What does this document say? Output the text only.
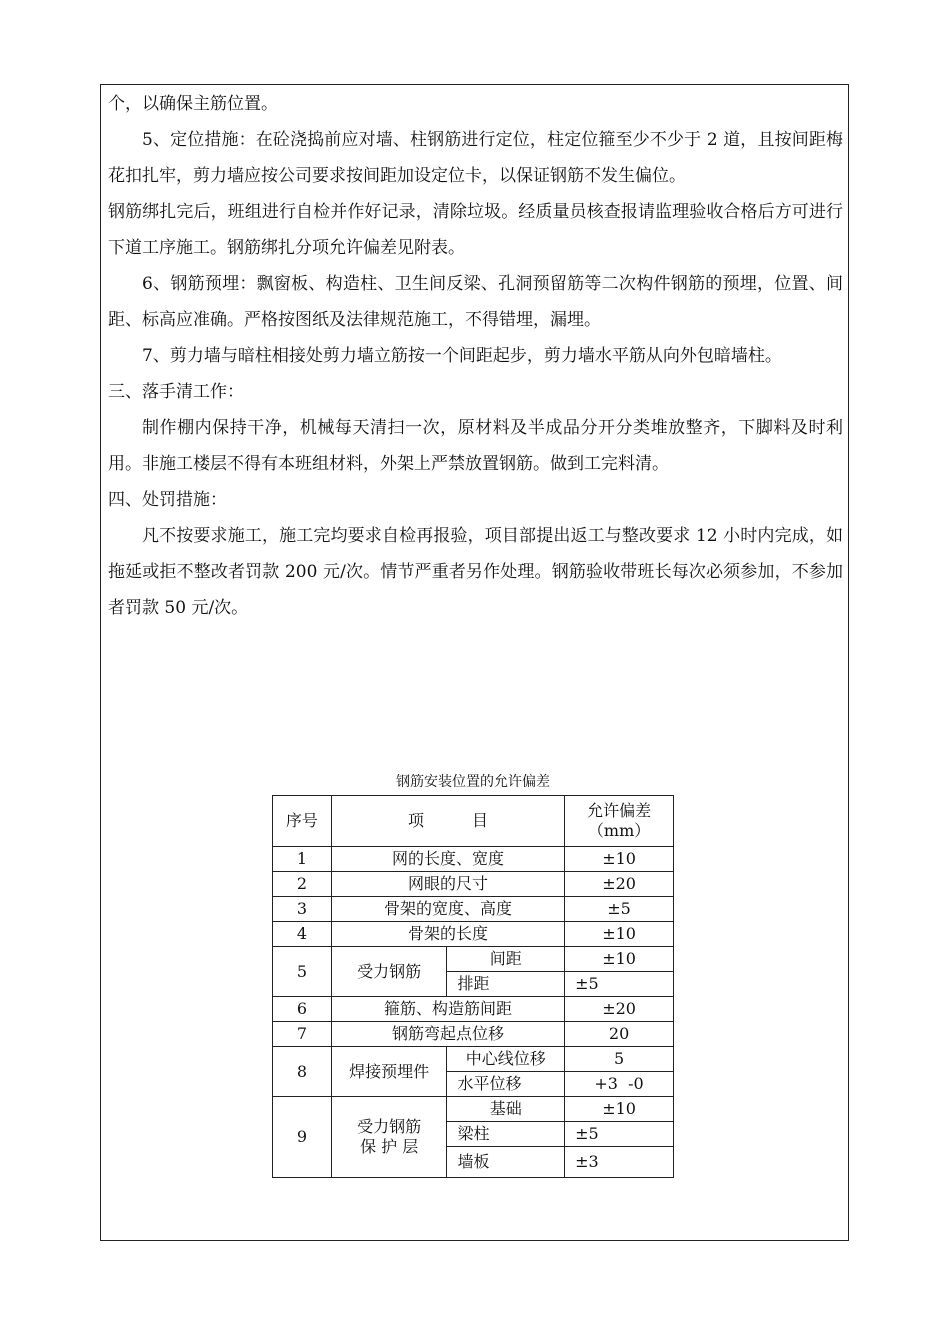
个，以确保主筋位置。

5、定位措施：在砼浇捣前应对墙、柱钢筋进行定位，柱定位箍至少不少于 2 道，且按间距梅花扣扎牢，剪力墙应按公司要求按间距加设定位卡，以保证钢筋不发生偏位。

钢筋绑扎完后，班组进行自检并作好记录，清除垃圾。经质量员核查报请监理验收合格后方可进行下道工序施工。钢筋绑扎分项允许偏差见附表。

6、钢筋预埋：飘窗板、构造柱、卫生间反梁、孔洞预留筋等二次构件钢筋的预埋，位置、间距、标高应准确。严格按图纸及法律规范施工，不得错埋，漏埋。

7、剪力墙与暗柱相接处剪力墙立筋按一个间距起步，剪力墙水平筋从向外包暗墙柱。

三、落手清工作：

制作棚内保持干净，机械每天清扫一次，原材料及半成品分开分类堆放整齐，下脚料及时利用。非施工楼层不得有本班组材料，外架上严禁放置钢筋。做到工完料清。

四、处罚措施：

凡不按要求施工，施工完均要求自检再报验，项目部提出返工与整改要求 12 小时内完成，如拖延或拒不整改者罚款 200 元/次。情节严重者另作处理。钢筋验收带班长每次必须参加，不参加者罚款 50 元/次。

钢筋安装位置的允许偏差
序号	项　　　目		允许偏差
（mm）
1	网的长度、宽度		±10
2	网眼的尺寸		±20
3	骨架的宽度、高度		±5
4	骨架的长度		±10
5	受力钢筋	间距	±10
		排距	±5
6	箍筋、构造筋间距		±20
7	钢筋弯起点位移		20
8	焊接预埋件	中心线位移	5
		水平位移	+3  -0
9	受力钢筋
保 护 层	基础	±10
		梁柱	±5
		墙板	±3
